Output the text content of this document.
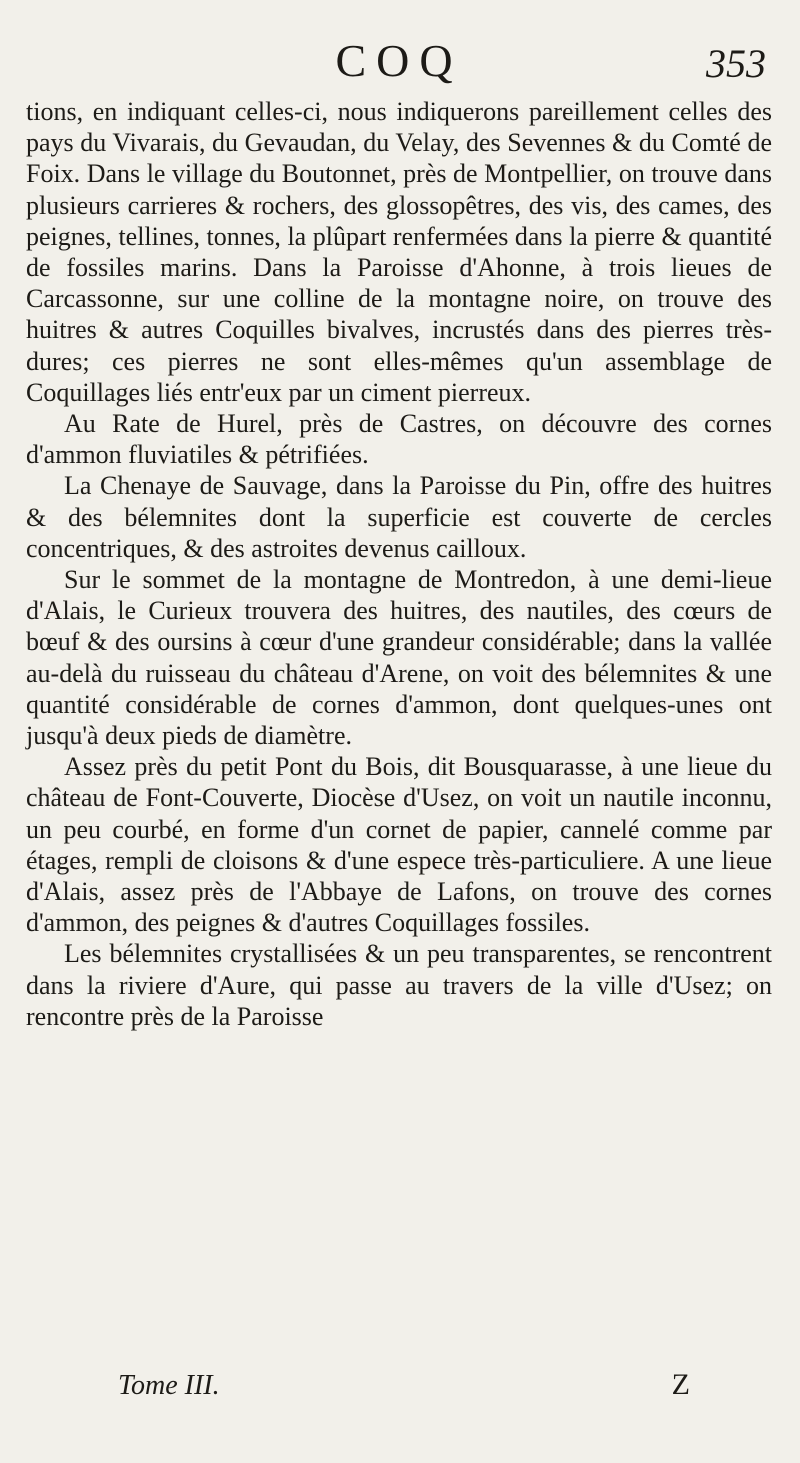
COQ	353

tions, en indiquant celles-ci, nous indiquerons pareillement celles des pays du Vivarais, du Gevaudan, du Velay, des Sevennes & du Comté de Foix. Dans le village du Boutonnet, près de Montpellier, on trouve dans plusieurs carrieres & rochers, des glossopêtres, des vis, des cames, des peignes, tellines, tonnes, la plûpart renfermées dans la pierre & quantité de fossiles marins. Dans la Paroisse d'Ahonne, à trois lieues de Carcassonne, sur une colline de la montagne noire, on trouve des huitres & autres Coquilles bivalves, incrustés dans des pierres très-dures; ces pierres ne sont elles-mêmes qu'un assemblage de Coquillages liés entr'eux par un ciment pierreux.

Au Rate de Hurel, près de Castres, on découvre des cornes d'ammon fluviatiles & pétrifiées.

La Chenaye de Sauvage, dans la Paroisse du Pin, offre des huitres & des bélemnites dont la superficie est couverte de cercles concentriques, & des astroites devenus cailloux.

Sur le sommet de la montagne de Montredon, à une demi-lieue d'Alais, le Curieux trouvera des huitres, des nautiles, des cœurs de bœuf & des oursins à cœur d'une grandeur considérable; dans la vallée au-delà du ruisseau du château d'Arene, on voit des bélemnites & une quantité considérable de cornes d'ammon, dont quelques-unes ont jusqu'à deux pieds de diamètre.

Assez près du petit Pont du Bois, dit Bousquarasse, à une lieue du château de Font-Couverte, Diocèse d'Usez, on voit un nautile inconnu, un peu courbé, en forme d'un cornet de papier, cannelé comme par étages, rempli de cloisons & d'une espece très-particuliere. A une lieue d'Alais, assez près de l'Abbaye de Lafons, on trouve des cornes d'ammon, des peignes & d'autres Coquillages fossiles.

Les bélemnites crystallisées & un peu transparentes, se rencontrent dans la riviere d'Aure, qui passe au travers de la ville d'Usez; on rencontre près de la Paroisse

Tome III.	Z
